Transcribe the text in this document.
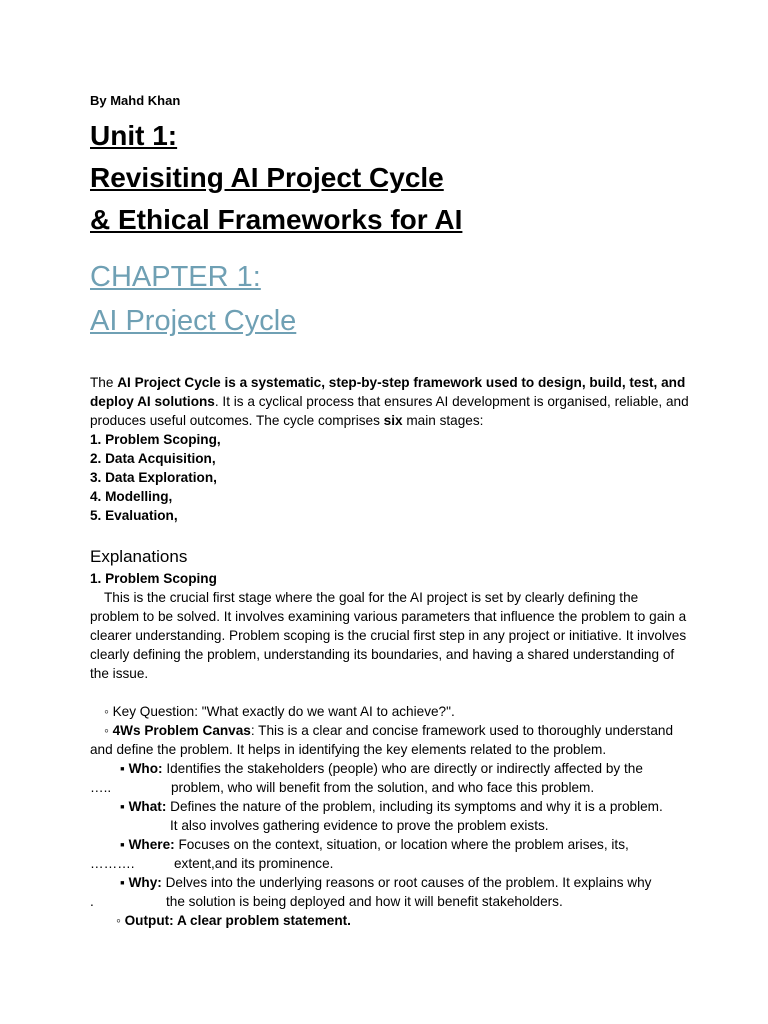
By Mahd Khan

Unit 1:

Revisiting AI Project Cycle

& Ethical Frameworks for AI

CHAPTER 1:

AI Project Cycle

The AI Project Cycle is a systematic, step-by-step framework used to design, build, test, and deploy AI solutions. It is a cyclical process that ensures AI development is organised, reliable, and produces useful outcomes. The cycle comprises six main stages:

1. Problem Scoping,

2. Data Acquisition,

3. Data Exploration,

4. Modelling,

5. Evaluation,

Explanations

1. Problem Scoping

This is the crucial first stage where the goal for the AI project is set by clearly defining the problem to be solved. It involves examining various parameters that influence the problem to gain a clearer understanding. Problem scoping is the crucial first step in any project or initiative. It involves clearly defining the problem, understanding its boundaries, and having a shared understanding of the issue.

◦ Key Question: "What exactly do we want AI to achieve?".

◦ 4Ws Problem Canvas: This is a clear and concise framework used to thoroughly understand and define the problem. It helps in identifying the key elements related to the problem.

▪ Who: Identifies the stakeholders (people) who are directly or indirectly affected by the

…..	problem, who will benefit from the solution, and who face this problem.

▪ What: Defines the nature of the problem, including its symptoms and why it is a problem.

It also involves gathering evidence to prove the problem exists.

▪ Where: Focuses on the context, situation, or location where the problem arises, its,

……….	extent,and its prominence.

▪ Why: Delves into the underlying reasons or root causes of the problem. It explains why

.	the solution is being deployed and how it will benefit stakeholders.

◦ Output: A clear problem statement.
